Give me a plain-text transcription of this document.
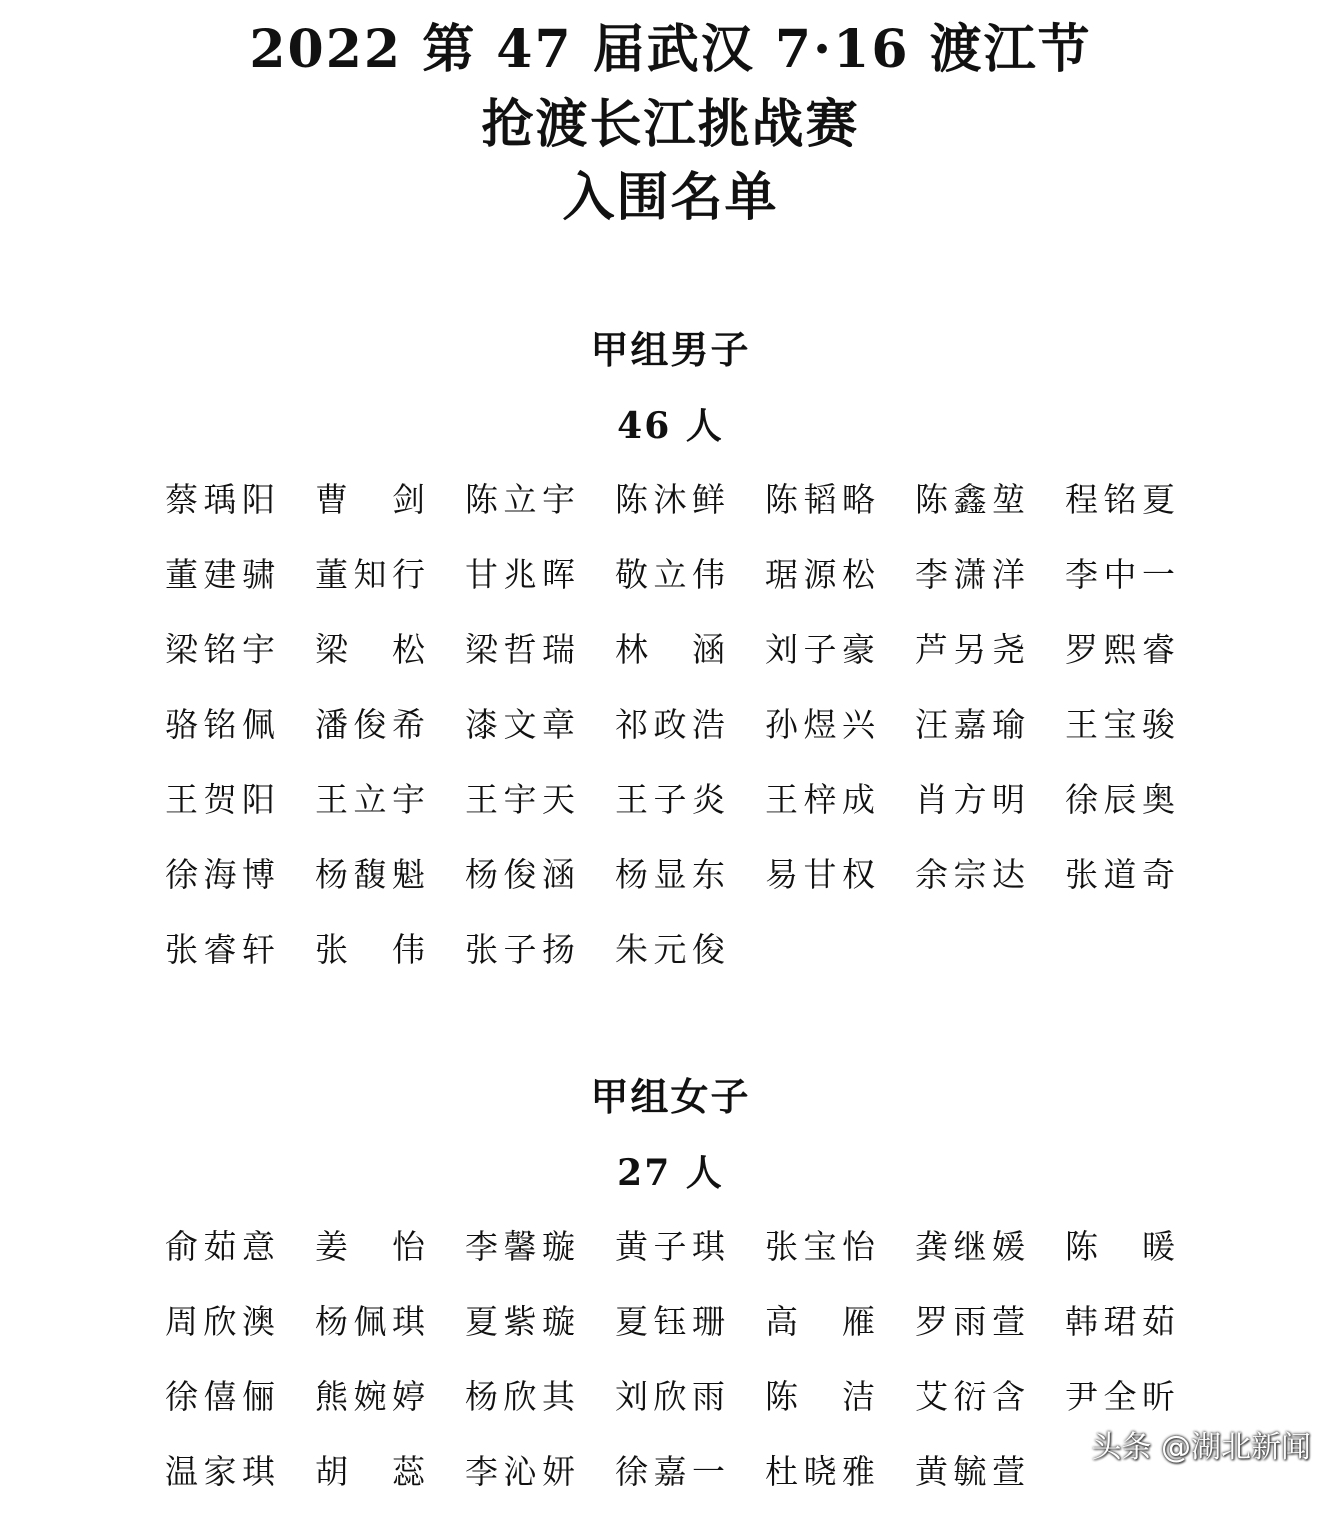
2022 第 47 届武汉 7·16 渡江节
抢渡长江挑战赛
入围名单
甲组男子
46 人
蔡 瑀 阳 曹 剑 陈 立 宇 陈 沐 鲜 陈 韬 略 陈 鑫 堃 程 铭 夏
董 建 骕 董 知 行 甘 兆 晖 敬 立 伟 琚 源 松 李 潇 洋 李 中 一
梁 铭 宇 梁 松 梁 哲 瑞 林 涵 刘 子 豪 芦 另 尧 罗 熙 睿
骆 铭 佩 潘 俊 希 漆 文 章 祁 政 浩 孙 煜 兴 汪 嘉 瑜 王 宝 骏
王 贺 阳 王 立 宇 王 宇 天 王 子 炎 王 梓 成 肖 方 明 徐 辰 奥
徐 海 博 杨 馥 魁 杨 俊 涵 杨 显 东 易 甘 权 余 宗 达 张 道 奇
张 睿 轩 张 伟 张 子 扬 朱 元 俊
甲组女子
27 人
俞 茹 意 姜 怡 李 馨 璇 黄 子 琪 张 宝 怡 龚 继 媛 陈 暖
周 欣 澳 杨 佩 琪 夏 紫 璇 夏 钰 珊 高 雁 罗 雨 萱 韩 珺 茹
徐 僖 俪 熊 婉 婷 杨 欣 其 刘 欣 雨 陈 洁 艾 衍 含 尹 全 昕
温 家 琪 胡 蕊 李 沁 妍 徐 嘉 一 杜 晓 雅 黄 毓 萱
头条 @湖北新闻
